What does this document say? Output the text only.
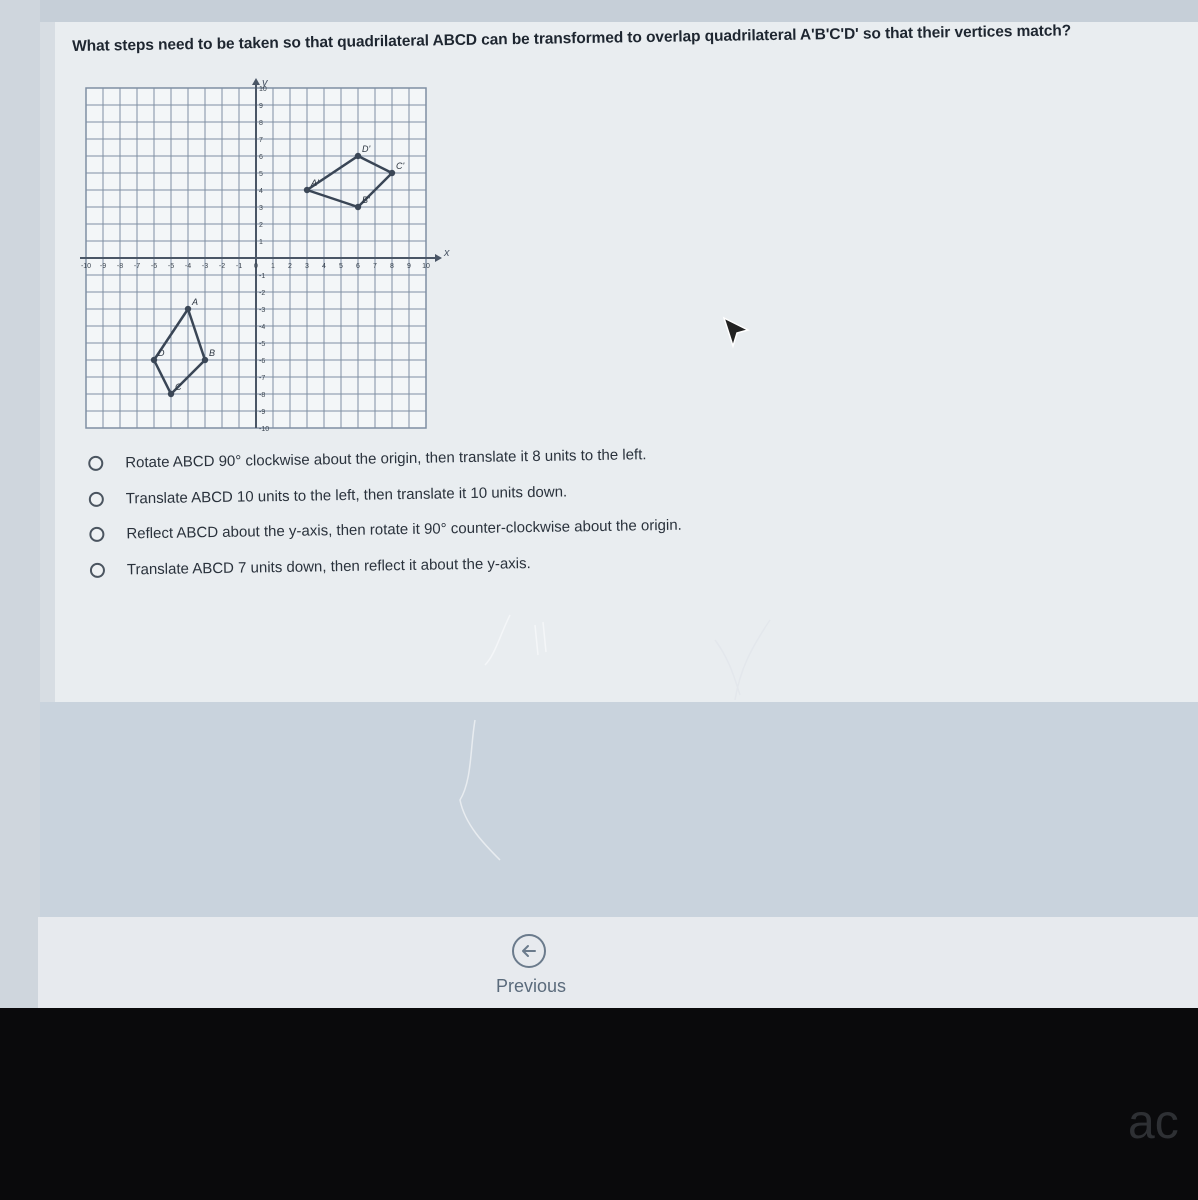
What steps need to be taken so that quadrilateral ABCD can be transformed to overlap quadrilateral A'B'C'D' so that their vertices match?
x
y
-10 -9 -8 -7 -6 -5 -4 -3 -2 -1 0 1 2 3 4 5 6 7 8 9 10
10
9
8
7
6
5
4
3
2
1
-1
-2
-3
-4
-5
-6
-7
-8
-9
-10
A'
B'
C'
D'
A
B
C
D
Rotate ABCD 90° clockwise about the origin, then translate it 8 units to the left.
Translate ABCD 10 units to the left, then translate it 10 units down.
Reflect ABCD about the y-axis, then rotate it 90° counter-clockwise about the origin.
Translate ABCD 7 units down, then reflect it about the y-axis.
Previous
ac
